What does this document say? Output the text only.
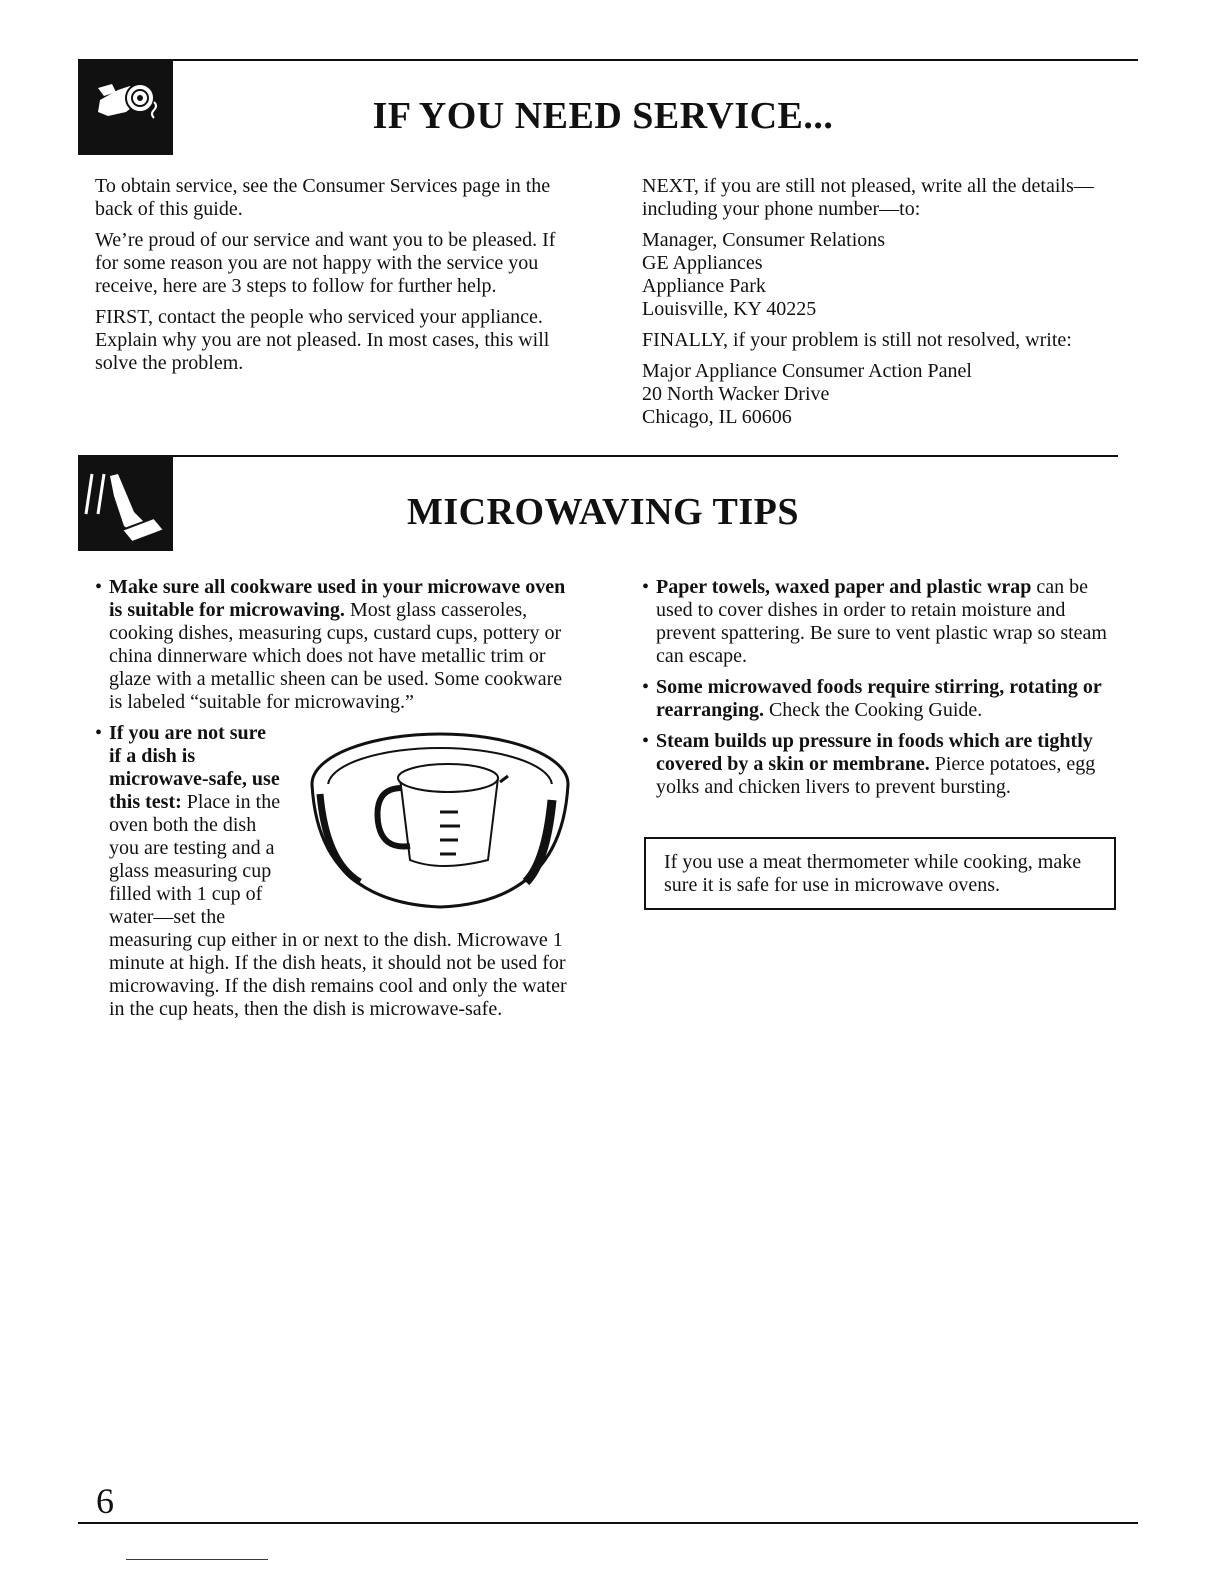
IF YOU NEED SERVICE...

To obtain service, see the Consumer Services page in the back of this guide.

We’re proud of our service and want you to be pleased. If for some reason you are not happy with the service you receive, here are 3 steps to follow for further help.

FIRST, contact the people who serviced your appliance. Explain why you are not pleased. In most cases, this will solve the problem.

NEXT, if you are still not pleased, write all the details—including your phone number—to:

Manager, Consumer Relations
GE Appliances
Appliance Park
Louisville, KY 40225

FINALLY, if your problem is still not resolved, write:

Major Appliance Consumer Action Panel
20 North Wacker Drive
Chicago, IL 60606
MICROWAVING TIPS
• Make sure all cookware used in your microwave oven is suitable for microwaving. Most glass casseroles, cooking dishes, measuring cups, custard cups, pottery or china dinnerware which does not have metallic trim or glaze with a metallic sheen can be used. Some cookware is labeled “suitable for microwaving.”
• If you are not sure if a dish is microwave-safe, use this test: Place in the oven both the dish you are testing and a glass measuring cup filled with 1 cup of water—set the measuring cup either in or next to the dish. Microwave 1 minute at high. If the dish heats, it should not be used for microwaving. If the dish remains cool and only the water in the cup heats, then the dish is microwave-safe.
• Paper towels, waxed paper and plastic wrap can be used to cover dishes in order to retain moisture and prevent spattering. Be sure to vent plastic wrap so steam can escape.
• Some microwaved foods require stirring, rotating or rearranging. Check the Cooking Guide.
• Steam builds up pressure in foods which are tightly covered by a skin or membrane. Pierce potatoes, egg yolks and chicken livers to prevent bursting.
If you use a meat thermometer while cooking, make sure it is safe for use in microwave ovens.
6
